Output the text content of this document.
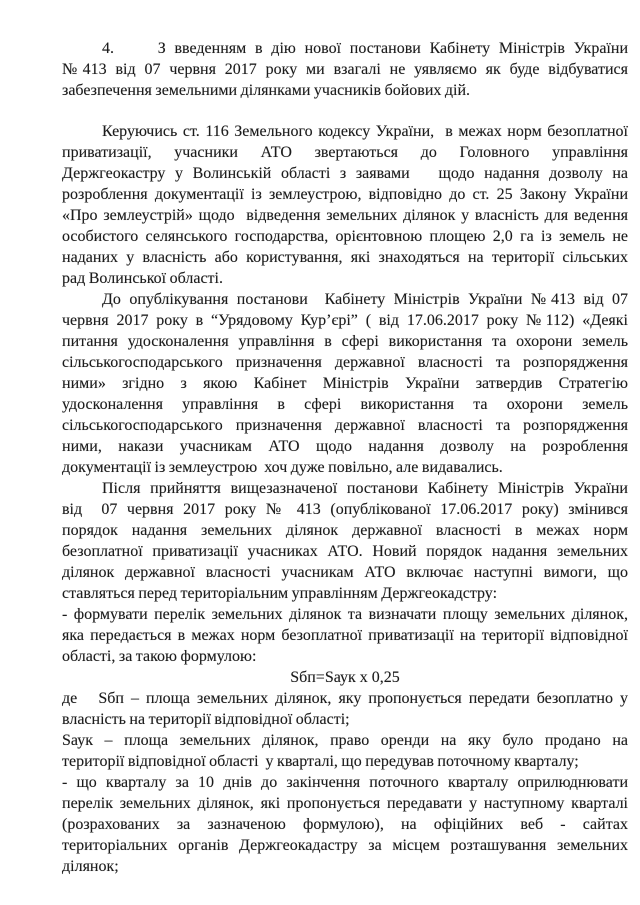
4.     З введенням в дію нової постанови Кабінету Міністрів України
№413 від 07 червня 2017 року ми взагалі не уявляємо як буде відбуватися
забезпечення земельними ділянками учасників бойових дій.
Керуючись ст. 116 Земельного кодексу України,  в межах норм безоплатної
приватизації, учасники АТО звертаються до Головного управління
Держгеокастру у Волинській області з заявами   щодо надання дозволу на
розроблення документації із землеустрою, відповідно до ст. 25 Закону України
«Про землеустрій» щодо  відведення земельних ділянок у власність для ведення
особистого селянського господарства, орієнтовною площею 2,0 га із земель не
наданих у власність або користування, які знаходяться на території сільських
рад Волинської області.
До опублікування постанови  Кабінету Міністрів України №413 від 07
червня 2017 року в “Урядовому Кур’єрі” ( від 17.06.2017 року №112) «Деякі
питання удосконалення управління в сфері використання та охорони земель
сільськогосподарського призначення державної власності та розпорядження
ними» згідно з якою Кабінет Міністрів України затвердив Стратегію
удосконалення управління в сфері використання та охорони земель
сільськогосподарського призначення державної власності та розпорядження
ними, накази учасникам АТО щодо надання дозволу на розроблення
документації із землеустрою  хоч дуже повільно, але видавались.
Після прийняття вищезазначеної постанови Кабінету Міністрів України
від  07 червня 2017 року № 413 (опублікованої 17.06.2017 року) змінився
порядок надання земельних ділянок державної власності в межах норм
безоплатної приватизації учасниках АТО. Новий порядок надання земельних
ділянок державної власності учасникам АТО включає наступні вимоги, що
ставляться перед територіальним управлінням Держгеокадстру:
- формувати перелік земельних ділянок та визначати площу земельних ділянок,
яка передається в межах норм безоплатної приватизації на території відповідної
області, за такою формулою:
Sбп=Sаук х 0,25
де   Sбп – площа земельних ділянок, яку пропонується передати безоплатно у
власність на території відповідної області;
Sаук – площа земельних ділянок, право оренди на яку було продано на
території відповідної області  у кварталі, що передував поточному кварталу;
- що кварталу за 10 днів до закінчення поточного кварталу оприлюднювати
перелік земельних ділянок, які пропонується передавати у наступному кварталі
(розрахованих за зазначеною формулою), на офіційних веб - сайтах
територіальних органів Держгеокадастру за місцем розташування земельних
ділянок;
